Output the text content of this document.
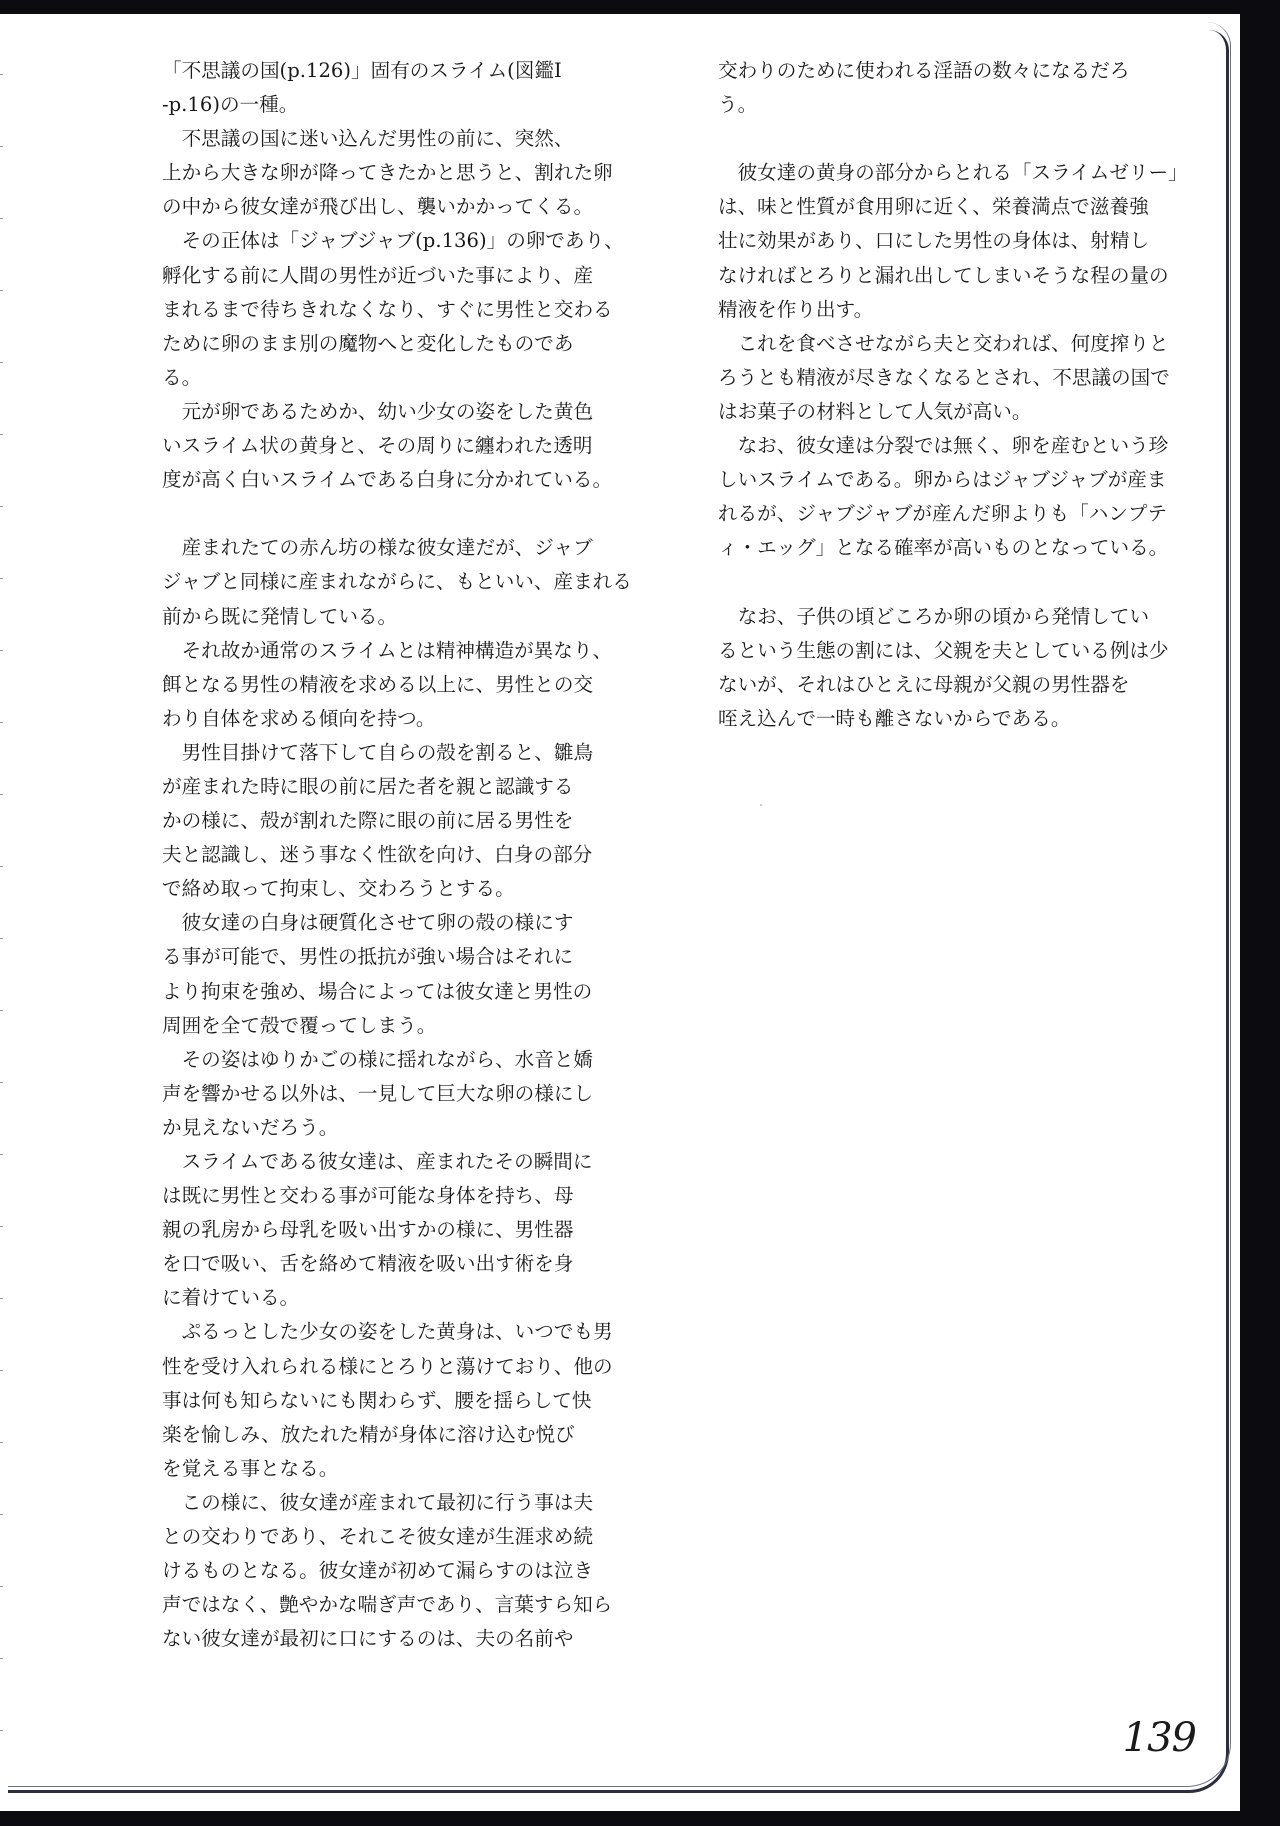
「不思議の国(p.126)」固有のスライム(図鑑Ⅰ
-p.16)の一種。
　不思議の国に迷い込んだ男性の前に、突然、
上から大きな卵が降ってきたかと思うと、割れた卵
の中から彼女達が飛び出し、襲いかかってくる。
　その正体は「ジャブジャブ(p.136)」の卵であり、
孵化する前に人間の男性が近づいた事により、産
まれるまで待ちきれなくなり、すぐに男性と交わる
ために卵のまま別の魔物へと変化したものであ
る。
　元が卵であるためか、幼い少女の姿をした黄色
いスライム状の黄身と、その周りに纏われた透明
度が高く白いスライムである白身に分かれている。
　産まれたての赤ん坊の様な彼女達だが、ジャブ
ジャブと同様に産まれながらに、もといい、産まれる
前から既に発情している。
　それ故か通常のスライムとは精神構造が異なり、
餌となる男性の精液を求める以上に、男性との交
わり自体を求める傾向を持つ。
　男性目掛けて落下して自らの殻を割ると、雛鳥
が産まれた時に眼の前に居た者を親と認識する
かの様に、殻が割れた際に眼の前に居る男性を
夫と認識し、迷う事なく性欲を向け、白身の部分
で絡め取って拘束し、交わろうとする。
　彼女達の白身は硬質化させて卵の殻の様にす
る事が可能で、男性の抵抗が強い場合はそれに
より拘束を強め、場合によっては彼女達と男性の
周囲を全て殻で覆ってしまう。
　その姿はゆりかごの様に揺れながら、水音と嬌
声を響かせる以外は、一見して巨大な卵の様にし
か見えないだろう。
　スライムである彼女達は、産まれたその瞬間に
は既に男性と交わる事が可能な身体を持ち、母
親の乳房から母乳を吸い出すかの様に、男性器
を口で吸い、舌を絡めて精液を吸い出す術を身
に着けている。
　ぷるっとした少女の姿をした黄身は、いつでも男
性を受け入れられる様にとろりと蕩けており、他の
事は何も知らないにも関わらず、腰を揺らして快
楽を愉しみ、放たれた精が身体に溶け込む悦び
を覚える事となる。
　この様に、彼女達が産まれて最初に行う事は夫
との交わりであり、それこそ彼女達が生涯求め続
けるものとなる。彼女達が初めて漏らすのは泣き
声ではなく、艶やかな喘ぎ声であり、言葉すら知ら
ない彼女達が最初に口にするのは、夫の名前や
交わりのために使われる淫語の数々になるだろ
う。
　彼女達の黄身の部分からとれる「スライムゼリー」
は、味と性質が食用卵に近く、栄養満点で滋養強
壮に効果があり、口にした男性の身体は、射精し
なければとろりと漏れ出してしまいそうな程の量の
精液を作り出す。
　これを食べさせながら夫と交われば、何度搾りと
ろうとも精液が尽きなくなるとされ、不思議の国で
はお菓子の材料として人気が高い。
　なお、彼女達は分裂では無く、卵を産むという珍
しいスライムである。卵からはジャブジャブが産ま
れるが、ジャブジャブが産んだ卵よりも「ハンプテ
ィ・エッグ」となる確率が高いものとなっている。
　なお、子供の頃どころか卵の頃から発情してい
るという生態の割には、父親を夫としている例は少
ないが、それはひとえに母親が父親の男性器を
咥え込んで一時も離さないからである。
139
